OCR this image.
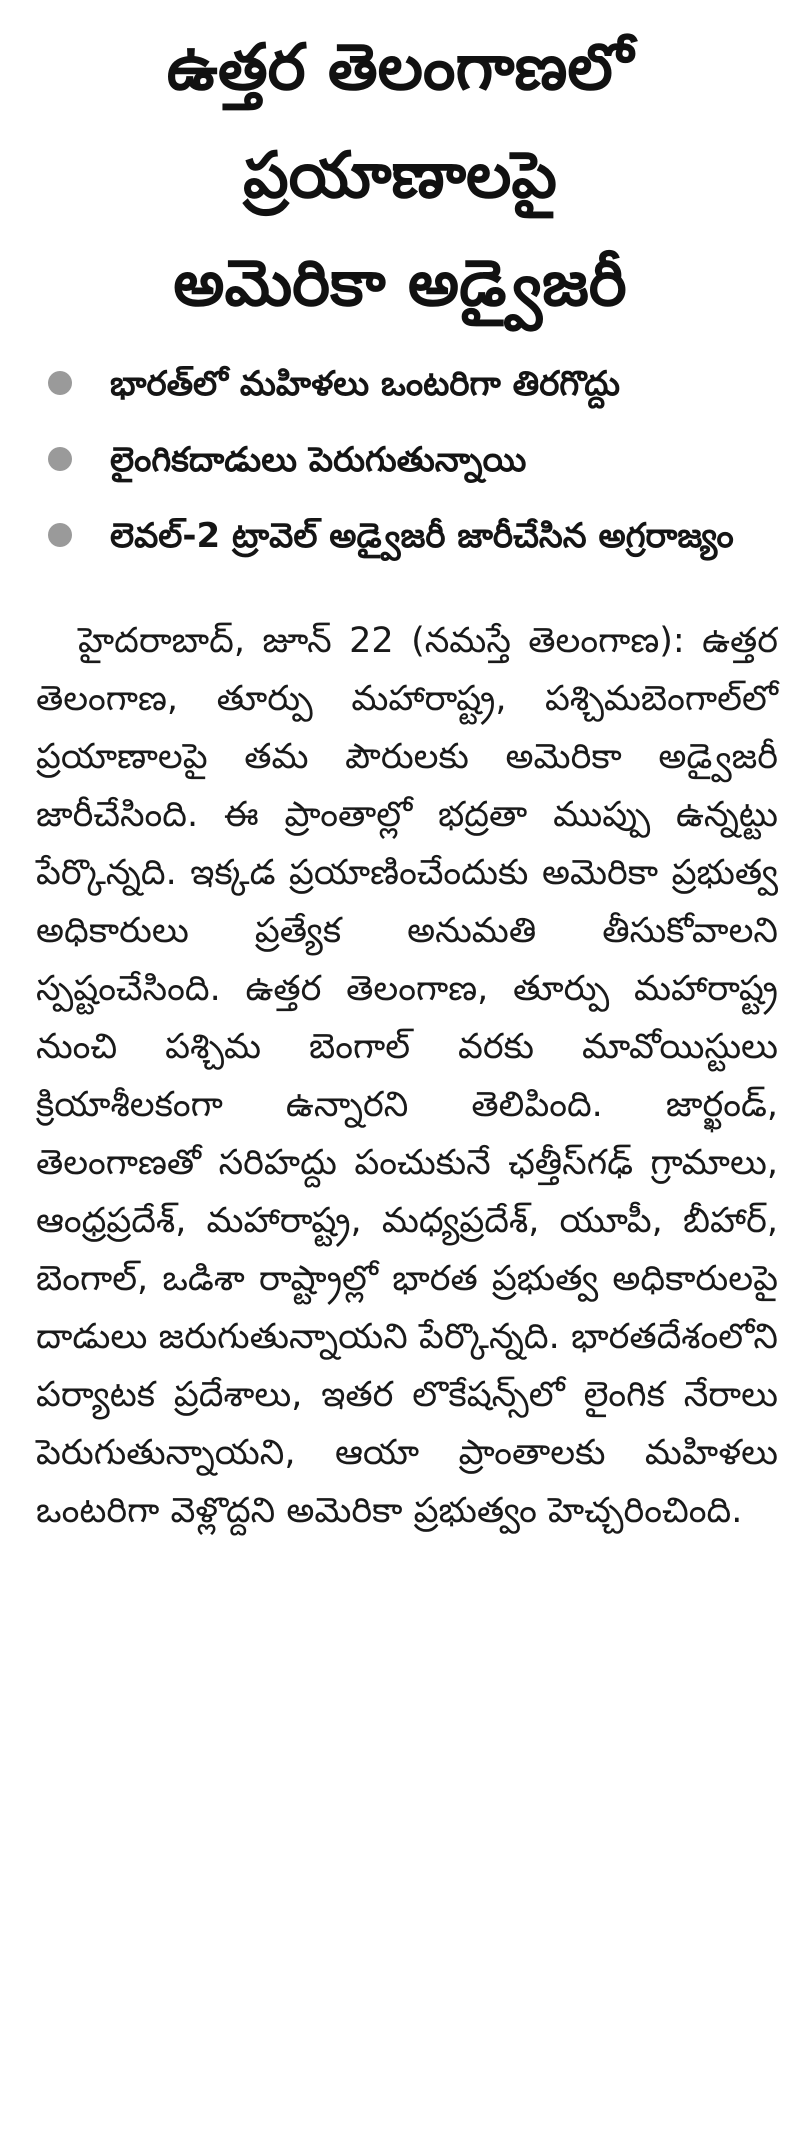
ఉత్తర తెలంగాణలో
ప్రయాణాలపై
అమెరికా అడ్వైజరీ
భారత్‌లో మహిళలు ఒంటరిగా తిరగొద్దు
లైంగికదాడులు పెరుగుతున్నాయి
లెవల్-2 ట్రావెల్ అడ్వైజరీ జారీచేసిన అగ్రరాజ్యం

హైదరాబాద్, జూన్ 22 (నమస్తే తెలంగాణ): ఉత్తర తెలంగాణ, తూర్పు మహారాష్ట్ర, పశ్చిమబెంగాల్‌లో ప్రయాణాలపై తమ పౌరులకు అమెరికా అడ్వైజరీ జారీచేసింది. ఈ ప్రాంతాల్లో భద్రతా ముప్పు ఉన్నట్టు పేర్కొన్నది. ఇక్కడ ప్రయాణించేందుకు అమెరికా ప్రభుత్వ అధికారులు ప్రత్యేక అనుమతి తీసుకోవాలని స్పష్టంచేసింది. ఉత్తర తెలంగాణ, తూర్పు మహారాష్ట్ర నుంచి పశ్చిమ బెంగాల్ వరకు మావోయిస్టులు క్రియాశీలకంగా ఉన్నారని తెలిపింది. జార్ఖండ్, తెలంగాణతో సరిహద్దు పంచుకునే ఛత్తీస్‌గఢ్ గ్రామాలు, ఆంధ్రప్రదేశ్, మహారాష్ట్ర, మధ్యప్రదేశ్, యూపీ, బీహార్, బెంగాల్, ఒడిశా రాష్ట్రాల్లో భారత ప్రభుత్వ అధికారులపై దాడులు జరుగుతున్నాయని పేర్కొన్నది. భారతదేశంలోని పర్యాటక ప్రదేశాలు, ఇతర లొకేషన్స్‌లో లైంగిక నేరాలు పెరుగుతున్నాయని, ఆయా ప్రాంతాలకు మహిళలు ఒంటరిగా వెళ్లొద్దని అమెరికా ప్రభుత్వం హెచ్చరించింది.
